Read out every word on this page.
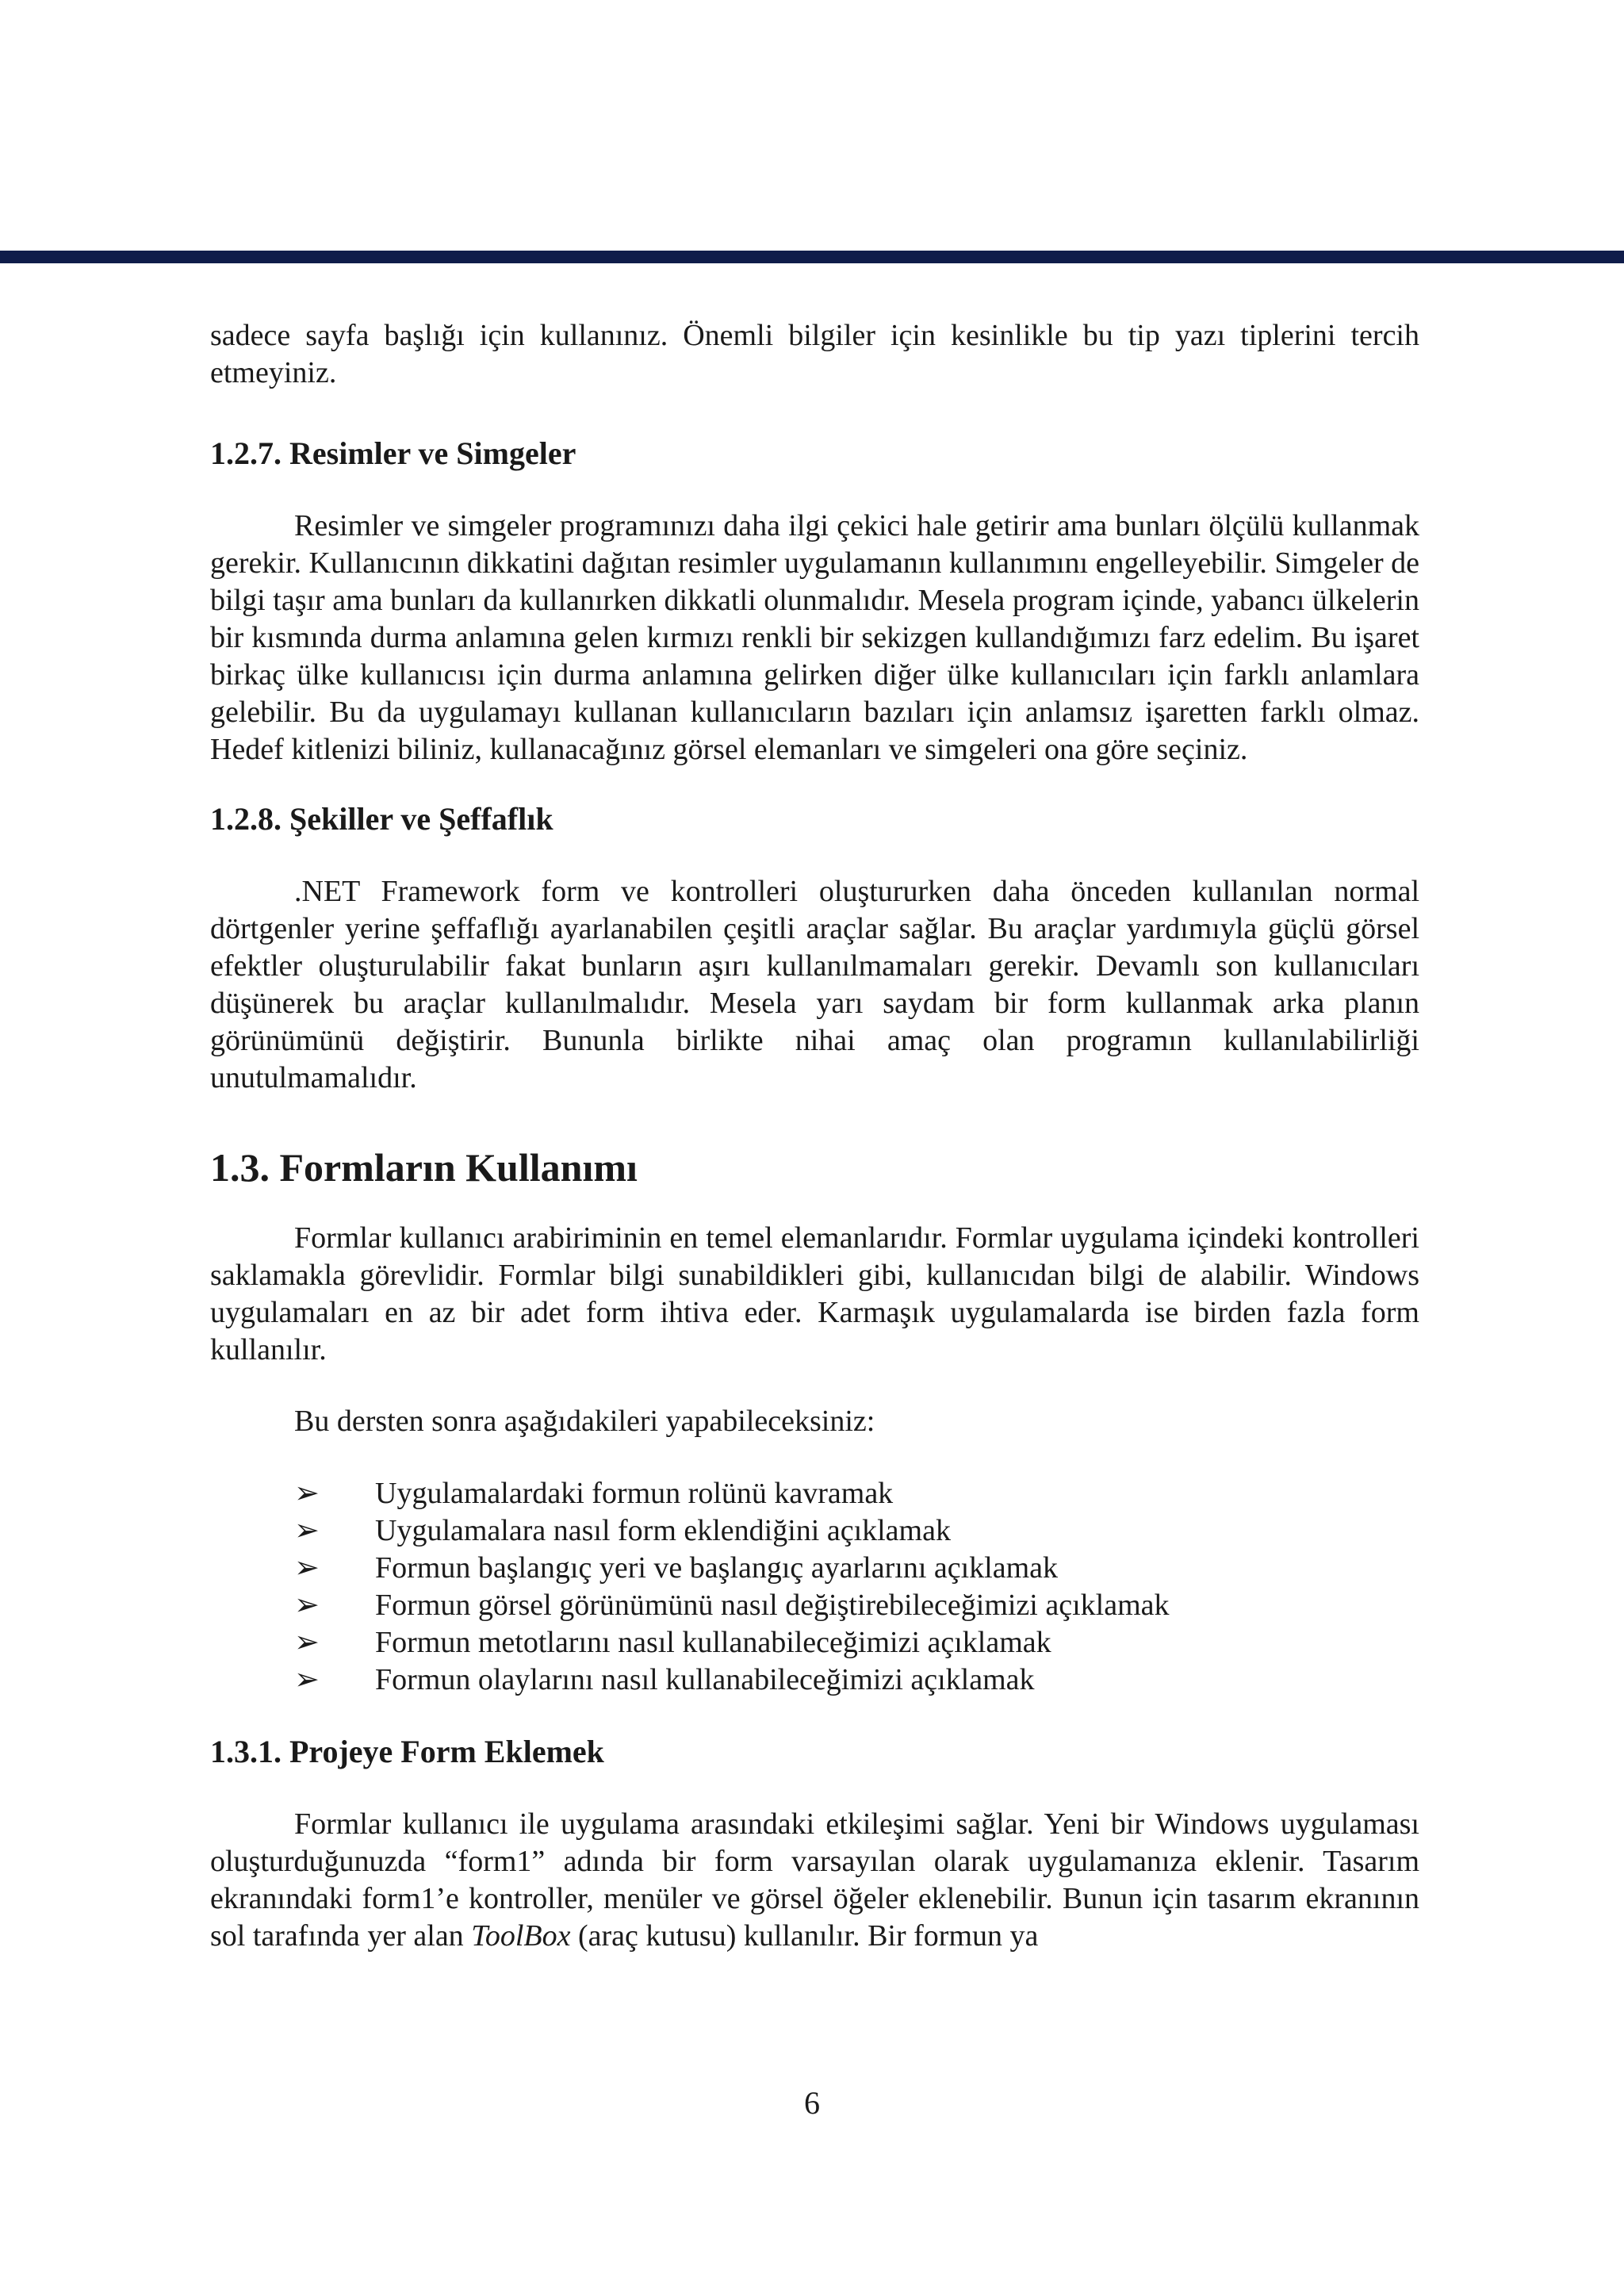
sadece sayfa başlığı için kullanınız. Önemli bilgiler için kesinlikle bu tip yazı tiplerini tercih etmeyiniz.

1.2.7. Resimler ve Simgeler

Resimler ve simgeler programınızı daha ilgi çekici hale getirir ama bunları ölçülü kullanmak gerekir. Kullanıcının dikkatini dağıtan resimler uygulamanın kullanımını engelleyebilir. Simgeler de bilgi taşır ama bunları da kullanırken dikkatli olunmalıdır. Mesela program içinde, yabancı ülkelerin bir kısmında durma anlamına gelen kırmızı renkli bir sekizgen kullandığımızı farz edelim. Bu işaret birkaç ülke kullanıcısı için durma anlamına gelirken diğer ülke kullanıcıları için farklı anlamlara gelebilir. Bu da uygulamayı kullanan kullanıcıların bazıları için anlamsız işaretten farklı olmaz. Hedef kitlenizi biliniz, kullanacağınız görsel elemanları ve simgeleri ona göre seçiniz.

1.2.8. Şekiller ve Şeffaflık

.NET Framework form ve kontrolleri oluştururken daha önceden kullanılan normal dörtgenler yerine şeffaflığı ayarlanabilen çeşitli araçlar sağlar. Bu araçlar yardımıyla güçlü görsel efektler oluşturulabilir fakat bunların aşırı kullanılmamaları gerekir. Devamlı son kullanıcıları düşünerek bu araçlar kullanılmalıdır. Mesela yarı saydam bir form kullanmak arka planın görünümünü değiştirir. Bununla birlikte nihai amaç olan programın kullanılabilirliği unutulmamalıdır.

1.3. Formların Kullanımı

Formlar kullanıcı arabiriminin en temel elemanlarıdır. Formlar uygulama içindeki kontrolleri saklamakla görevlidir. Formlar bilgi sunabildikleri gibi, kullanıcıdan bilgi de alabilir. Windows uygulamaları en az bir adet form ihtiva eder. Karmaşık uygulamalarda ise birden fazla form kullanılır.

Bu dersten sonra aşağıdakileri yapabileceksiniz:

➢ Uygulamalardaki formun rolünü kavramak
➢ Uygulamalara nasıl form eklendiğini açıklamak
➢ Formun başlangıç yeri ve başlangıç ayarlarını açıklamak
➢ Formun görsel görünümünü nasıl değiştirebileceğimizi açıklamak
➢ Formun metotlarını nasıl kullanabileceğimizi açıklamak
➢ Formun olaylarını nasıl kullanabileceğimizi açıklamak
1.3.1. Projeye Form Eklemek

Formlar kullanıcı ile uygulama arasındaki etkileşimi sağlar. Yeni bir Windows uygulaması oluşturduğunuzda “form1” adında bir form varsayılan olarak uygulamanıza eklenir. Tasarım ekranındaki form1’e kontroller, menüler ve görsel öğeler eklenebilir. Bunun için tasarım ekranının sol tarafında yer alan ToolBox (araç kutusu) kullanılır. Bir formun ya

6
